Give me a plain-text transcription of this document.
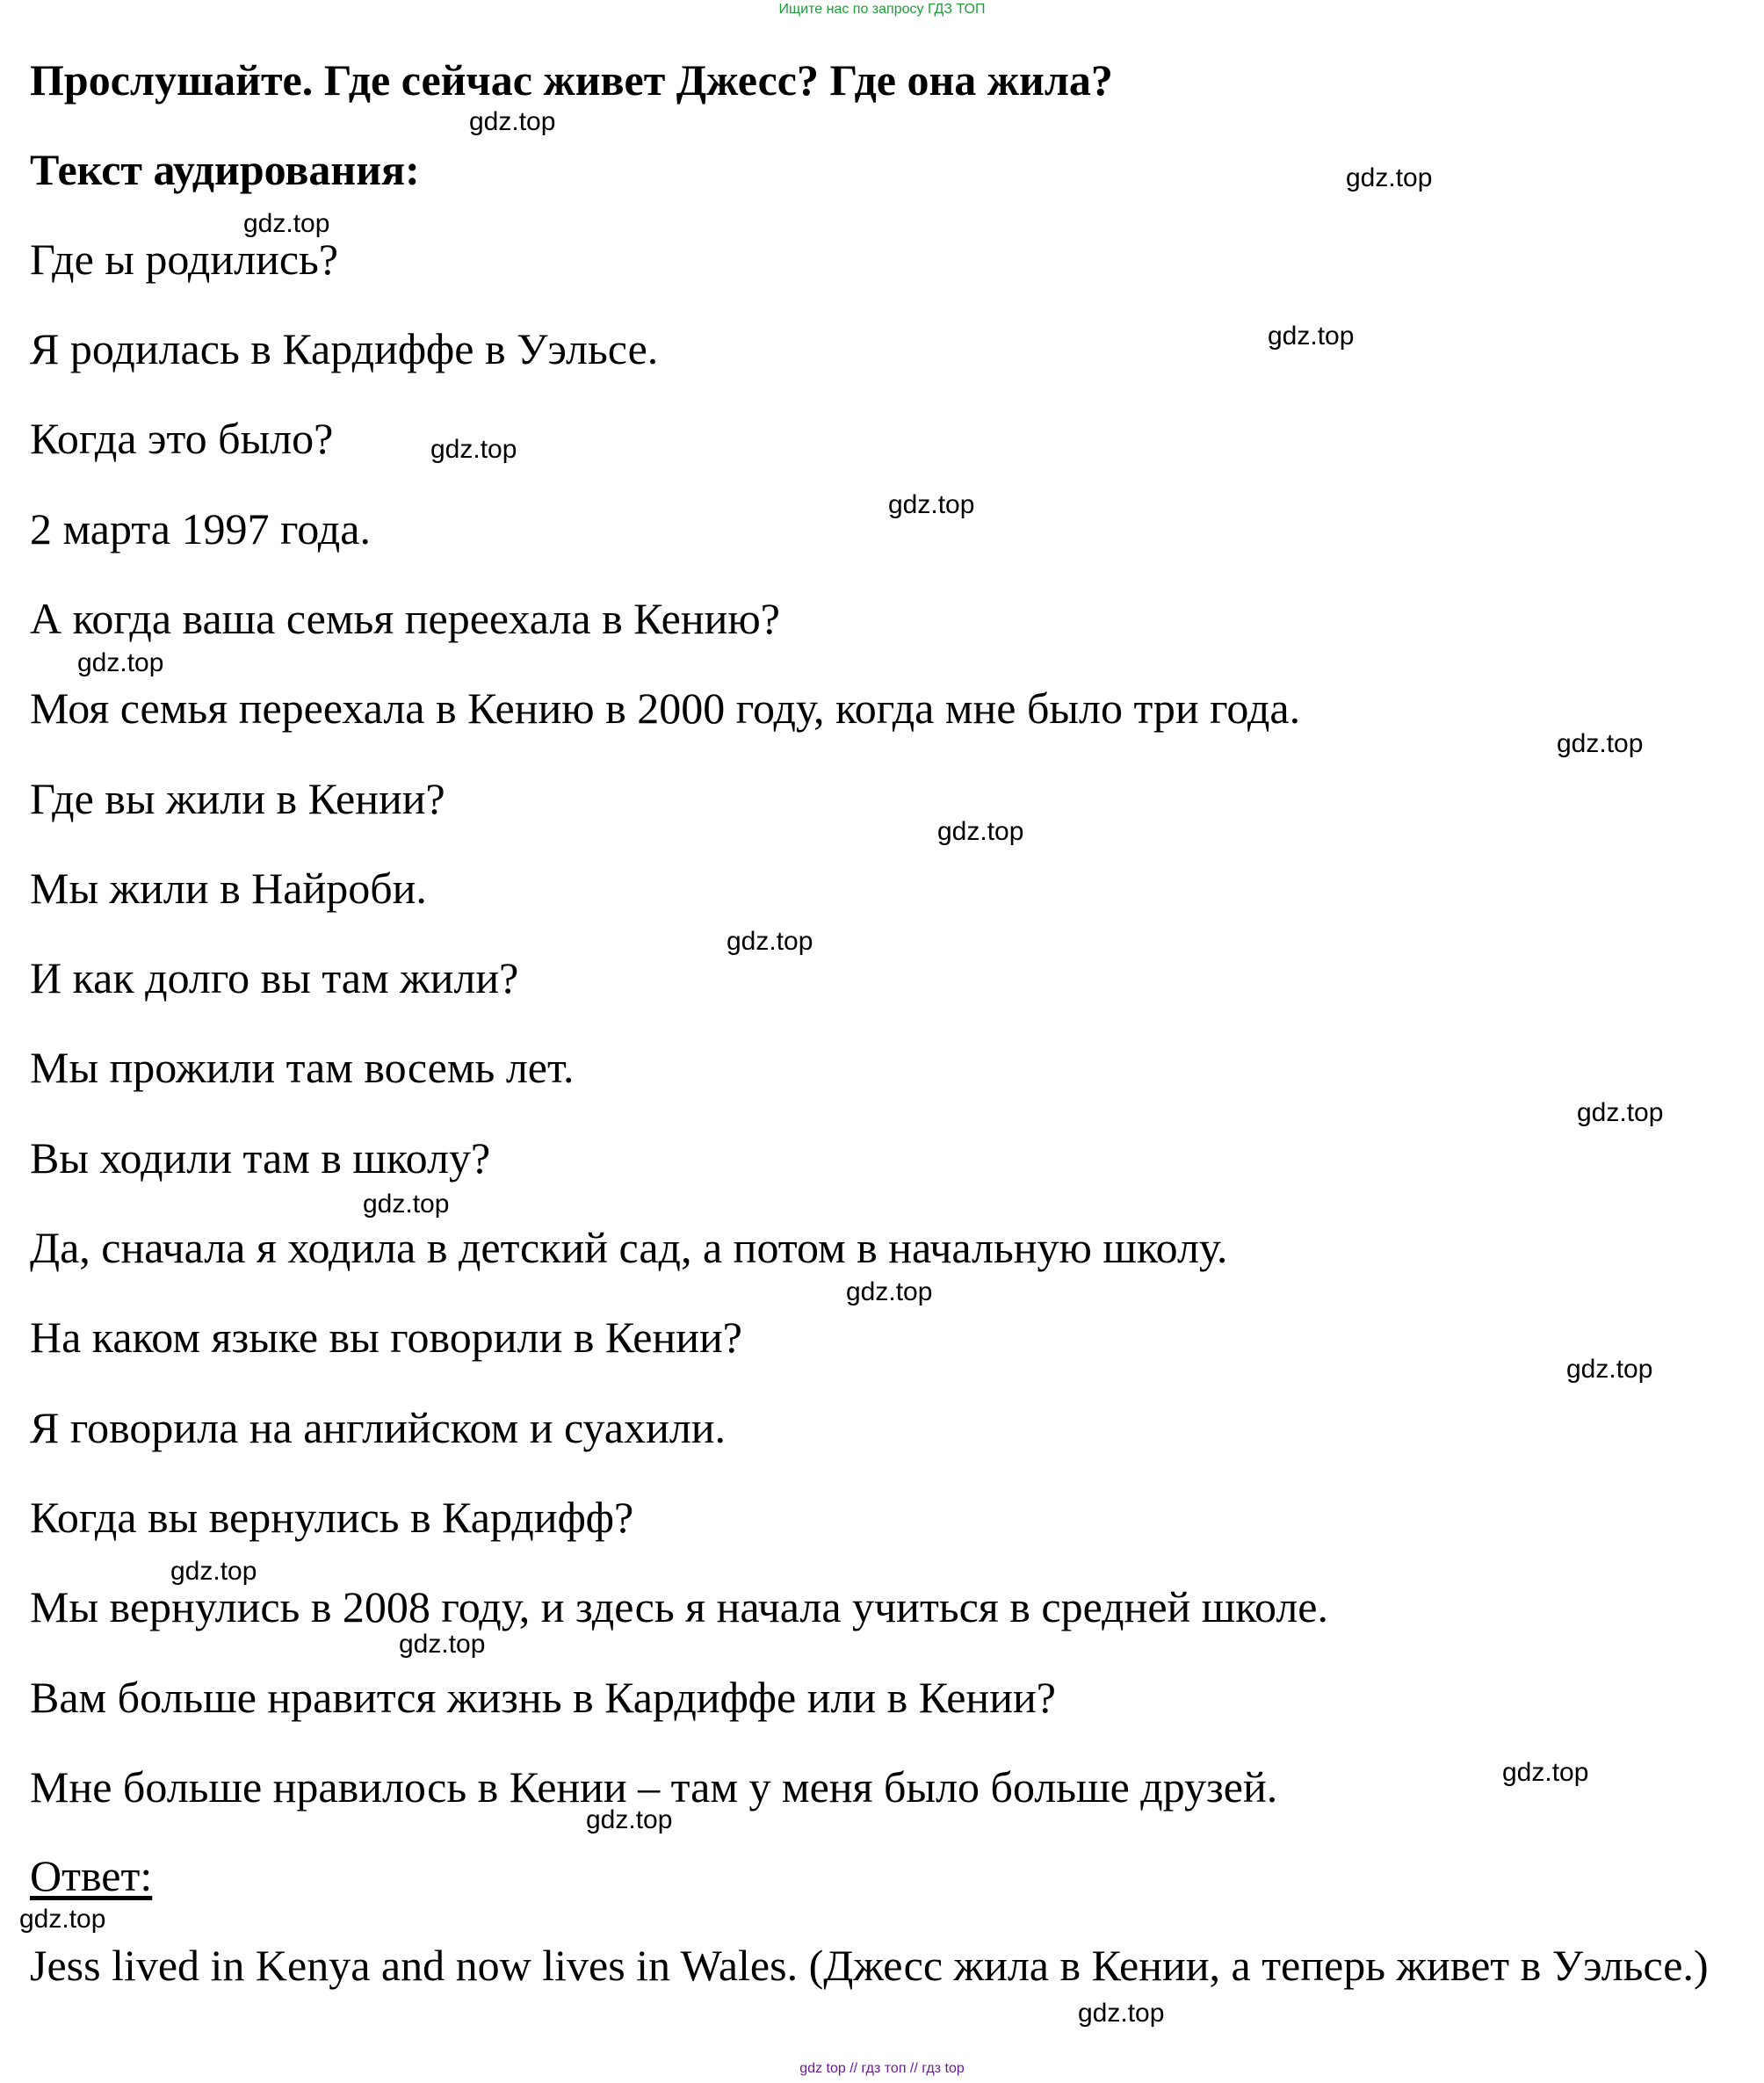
Ищите нас по запросу ГДЗ ТОП
Прослушайте. Где сейчас живет Джесс? Где она жила?
Текст аудирования:
Где ы родились?
Я родилась в Кардиффе в Уэльсе.
Когда это было?
2 марта 1997 года.
А когда ваша семья переехала в Кению?
Моя семья переехала в Кению в 2000 году, когда мне было три года.
Где вы жили в Кении?
Мы жили в Найроби.
И как долго вы там жили?
Мы прожили там восемь лет.
Вы ходили там в школу?
Да, сначала я ходила в детский сад, а потом в начальную школу.
На каком языке вы говорили в Кении?
Я говорила на английском и суахили.
Когда вы вернулись в Кардифф?
Мы вернулись в 2008 году, и здесь я начала учиться в средней школе.
Вам больше нравится жизнь в Кардиффе или в Кении?
Мне больше нравилось в Кении – там у меня было больше друзей.
Ответ:
Jess lived in Kenya and now lives in Wales. (Джесс жила в Кении, а теперь живет в Уэльсе.)
gdz.top
gdz.top
gdz.top
gdz.top
gdz.top
gdz.top
gdz.top
gdz.top
gdz.top
gdz.top
gdz.top
gdz.top
gdz.top
gdz.top
gdz.top
gdz.top
gdz.top
gdz.top
gdz.top
gdz.top
gdz top // гдз топ // гдз top
